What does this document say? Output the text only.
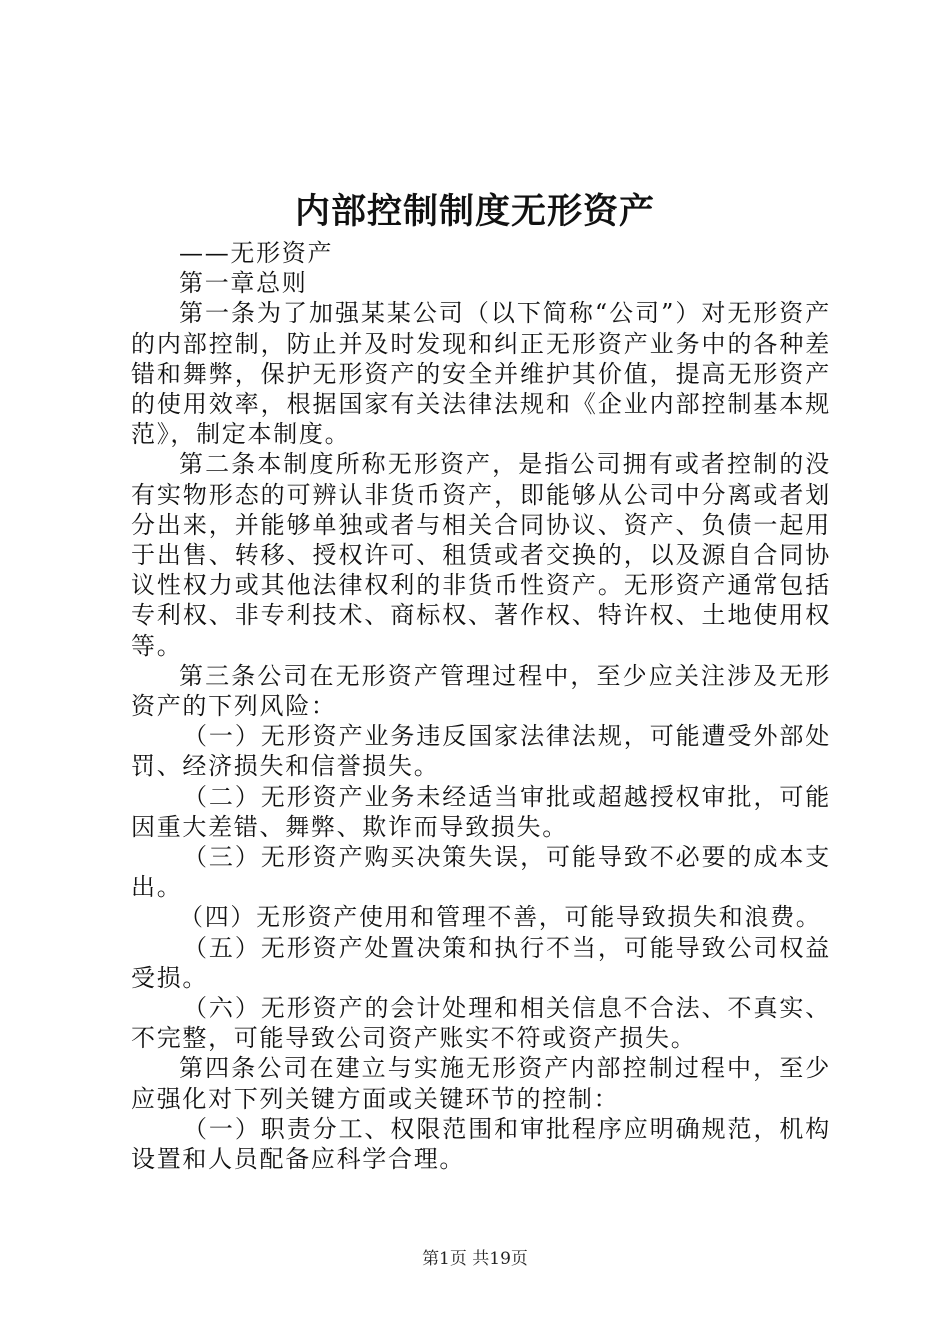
内部控制制度无形资产

——无形资产

第一章总则

第一条为了加强某某公司（以下简称“公司”）对无形资产的内部控制，防止并及时发现和纠正无形资产业务中的各种差错和舞弊，保护无形资产的安全并维护其价值，提高无形资产的使用效率，根据国家有关法律法规和《企业内部控制基本规范》，制定本制度。

第二条本制度所称无形资产，是指公司拥有或者控制的没有实物形态的可辨认非货币资产，即能够从公司中分离或者划分出来，并能够单独或者与相关合同协议、资产、负债一起用于出售、转移、授权许可、租赁或者交换的，以及源自合同协议性权力或其他法律权利的非货币性资产。无形资产通常包括专利权、非专利技术、商标权、著作权、特许权、土地使用权等。

第三条公司在无形资产管理过程中，至少应关注涉及无形资产的下列风险：

（一）无形资产业务违反国家法律法规，可能遭受外部处罚、经济损失和信誉损失。

（二）无形资产业务未经适当审批或超越授权审批，可能因重大差错、舞弊、欺诈而导致损失。

（三）无形资产购买决策失误，可能导致不必要的成本支出。

（四）无形资产使用和管理不善，可能导致损失和浪费。

（五）无形资产处置决策和执行不当，可能导致公司权益受损。

（六）无形资产的会计处理和相关信息不合法、不真实、不完整，可能导致公司资产账实不符或资产损失。

第四条公司在建立与实施无形资产内部控制过程中，至少应强化对下列关键方面或关键环节的控制：

（一）职责分工、权限范围和审批程序应明确规范，机构设置和人员配备应科学合理。

第1页 共19页
